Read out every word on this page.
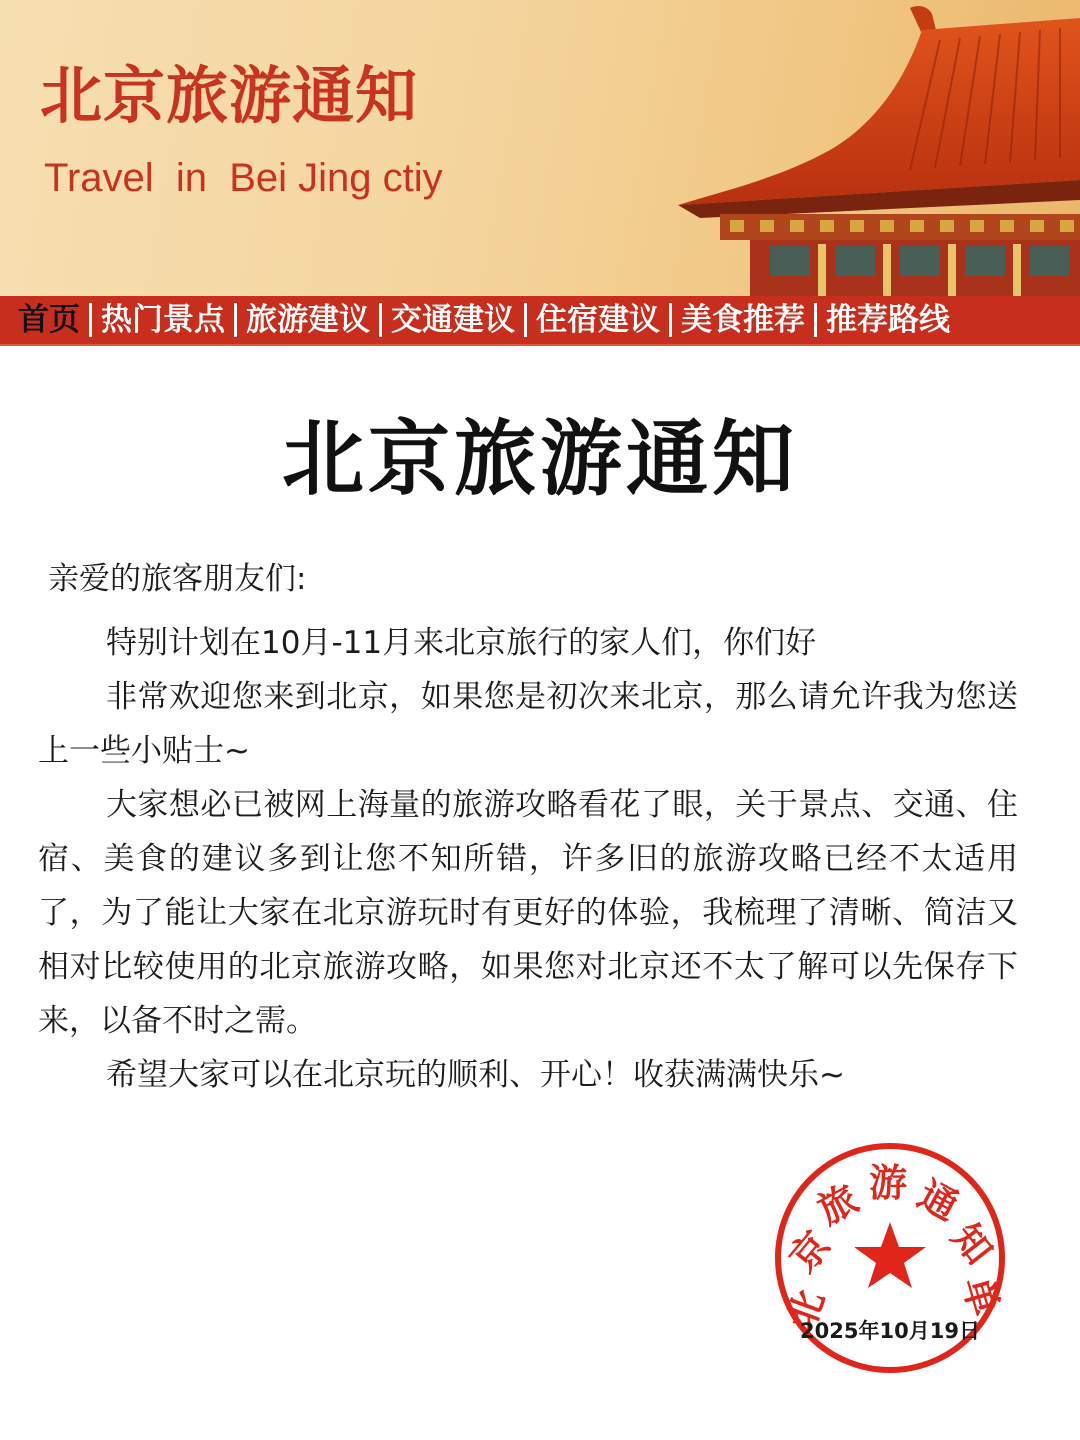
北京旅游通知

Travel  in  Bei Jing ctiy

首页 热门景点 旅游建议 交通建议 住宿建议 美食推荐 推荐路线
北京旅游通知

亲爱的旅客朋友们:

特别计划在10月-11月来北京旅行的家人们，你们好

非常欢迎您来到北京，如果您是初次来北京，那么请允许我为您送上一些小贴士~

大家想必已被网上海量的旅游攻略看花了眼，关于景点、交通、住宿、美食的建议多到让您不知所错，许多旧的旅游攻略已经不太适用了，为了能让大家在北京游玩时有更好的体验，我梳理了清晰、简洁又相对比较使用的北京旅游攻略，如果您对北京还不太了解可以先保存下来，以备不时之需。

希望大家可以在北京玩的顺利、开心！收获满满快乐~

北
京
旅 游 通
知
单

2025年10月19日
